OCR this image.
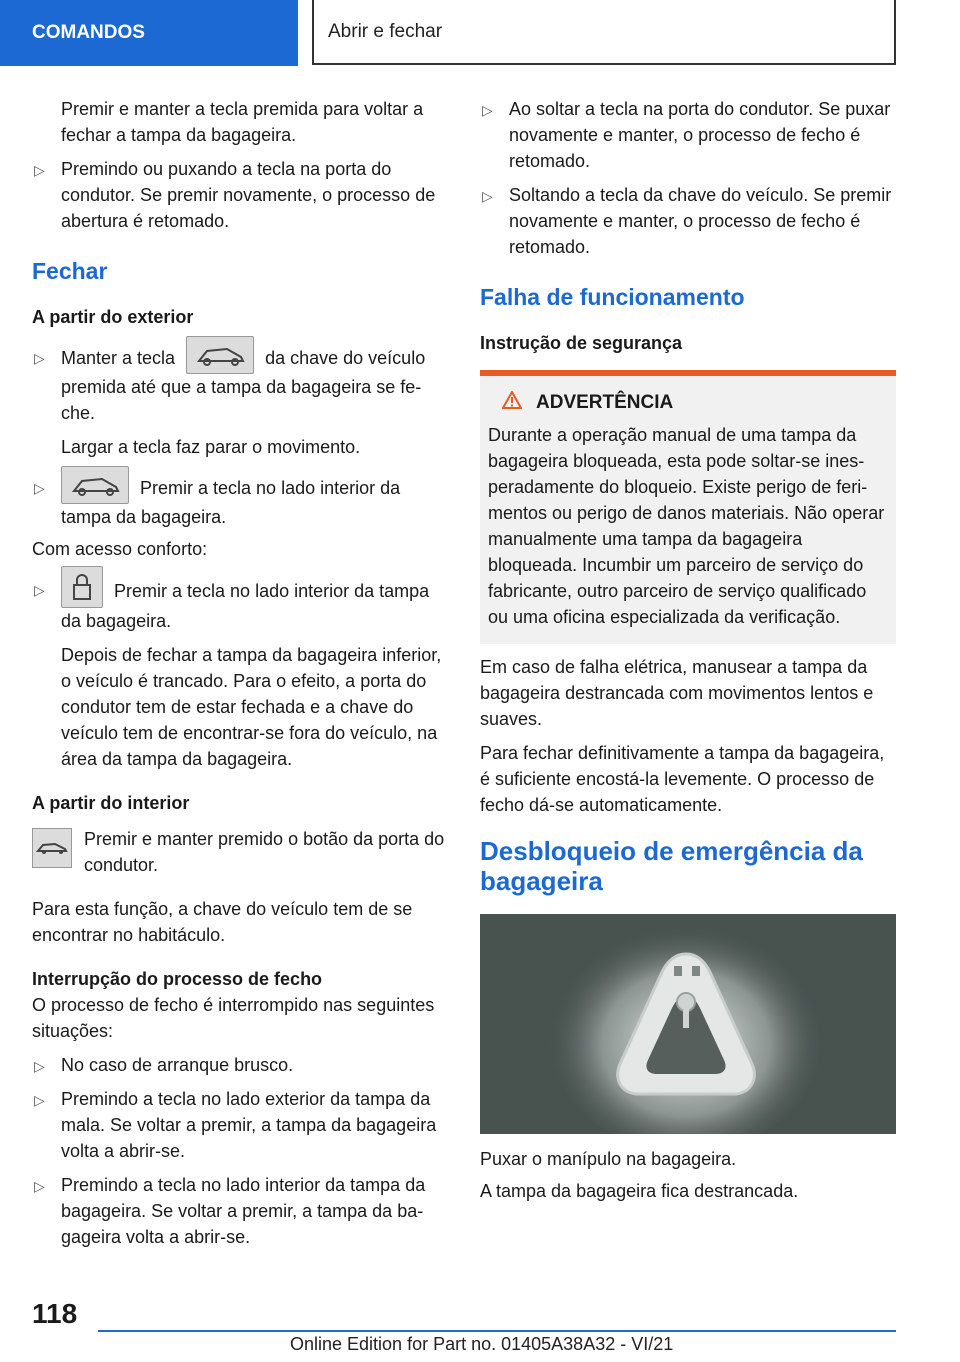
COMANDOS	Abrir e fechar

Premir e manter a tecla premida para voltar a fechar a tampa da bagageira.

▷ Premindo ou puxando a tecla na porta do condutor. Se premir novamente, o processo de abertura é retomado.
Fechar
A partir do exterior
▷ Manter a tecla	da chave do veículo premida até que a tampa da bagageira se feche.

Largar a tecla faz parar o movimento.

▷	Premir a tecla no lado interior da tampa da bagageira.

Com acesso conforto:

▷	Premir a tecla no lado interior da tampa da bagageira.

Depois de fechar a tampa da bagageira inferior, o veículo é trancado. Para o efeito, a porta do condutor tem de estar fechada e a chave do veículo tem de encontrar-se fora do veículo, na área da tampa da bagageira.

A partir do interior

Premir e manter premido o botão da porta do condutor.

Para esta função, a chave do veículo tem de se encontrar no habitáculo.

Interrupção do processo de fecho

O processo de fecho é interrompido nas seguintes situações:

▷ No caso de arranque brusco.
▷ Premindo a tecla no lado exterior da tampa da mala. Se voltar a premir, a tampa da bagageira volta a abrir-se.
▷ Premindo a tecla no lado interior da tampa da bagageira. Se voltar a premir, a tampa da bagageira volta a abrir-se.
▷ Ao soltar a tecla na porta do condutor. Se puxar novamente e manter, o processo de fecho é retomado.
▷ Soltando a tecla da chave do veículo. Se premir novamente e manter, o processo de fecho é retomado.
Falha de funcionamento
Instrução de segurança
ADVERTÊNCIA

Durante a operação manual de uma tampa da bagageira bloqueada, esta pode soltar-se inesperadamente do bloqueio. Existe perigo de ferimentos ou perigo de danos materiais. Não operar manualmente uma tampa da bagageira bloqueada. Incumbir um parceiro de serviço do fabricante, outro parceiro de serviço qualificado ou uma oficina especializada da verificação.

Em caso de falha elétrica, manusear a tampa da bagageira destrancada com movimentos lentos e suaves.

Para fechar definitivamente a tampa da bagageira, é suficiente encostá-la levemente. O processo de fecho dá-se automaticamente.

Desbloqueio de emergência da bagageira

Puxar o manípulo na bagageira.

A tampa da bagageira fica destrancada.

118
Online Edition for Part no. 01405A38A32 - VI/21
